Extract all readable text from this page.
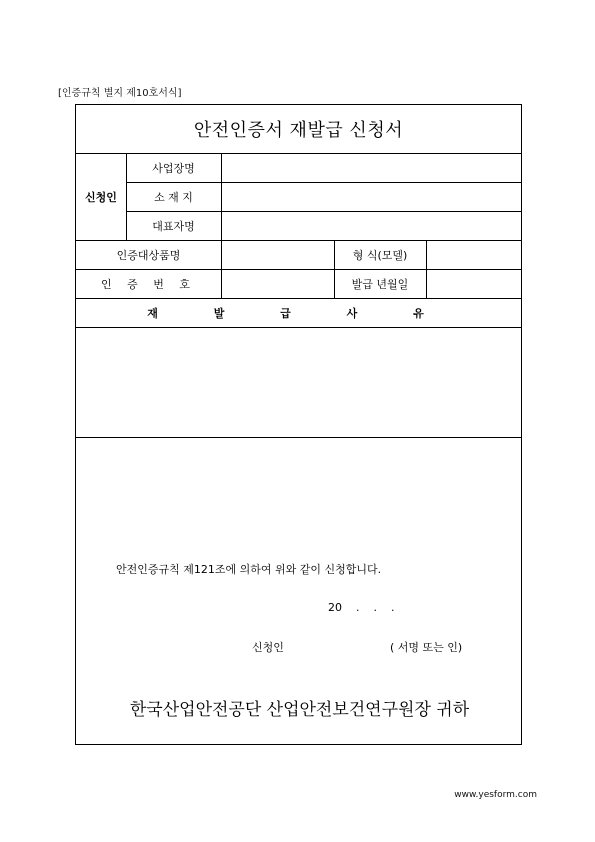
[인증규칙 별지 제10호서식]
안전인증서 재발급 신청서
신청인
사업장명
소 재 지
대표자명
인증대상품명	형 식(모델)
인 증 번 호	발급 년월일
재 발 급 사 유
안전인증규칙 제121조에 의하여 위와 같이 신청합니다.
20    .    .    .
신청인	( 서명 또는 인)
한국산업안전공단 산업안전보건연구원장 귀하
www.yesform.com
